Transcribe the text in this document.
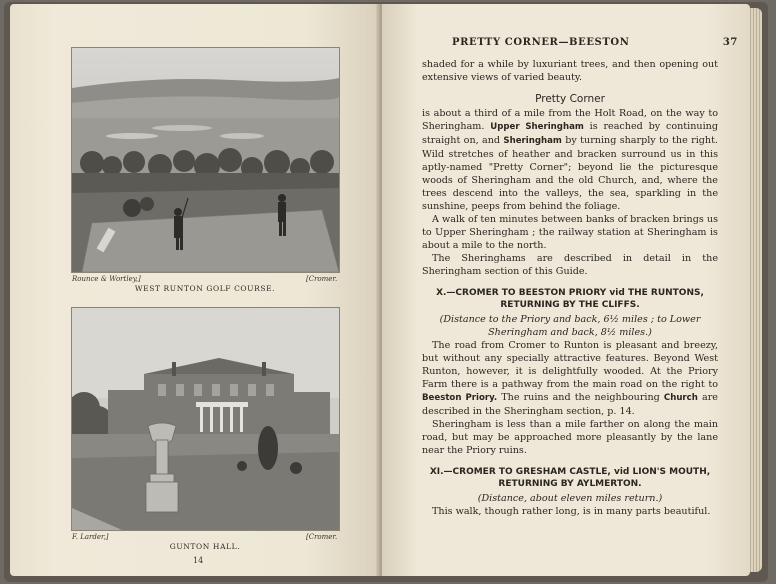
Rounce & Wortley,]	[Cromer.
WEST RUNTON GOLF COURSE.
F. Larder,]	[Cromer.
GUNTON HALL.
14
PRETTY CORNER—BEESTON	37

shaded for a while by luxuriant trees, and then opening out extensive views of varied beauty.

Pretty Corner

is about a third of a mile from the Holt Road, on the way to Sheringham. Upper Sheringham is reached by continuing straight on, and Sheringham by turning sharply to the right. Wild stretches of heather and bracken surround us in this aptly-named "Pretty Corner"; beyond lie the picturesque woods of Sheringham and the old Church, and, where the trees descend into the valleys, the sea, sparkling in the sunshine, peeps from behind the foliage.

A walk of ten minutes between banks of bracken brings us to Upper Sheringham ; the railway station at Sheringham is about a mile to the north.

The Sheringhams are described in detail in the Sheringham section of this Guide.

X.—CROMER TO BEESTON PRIORY vid THE RUNTONS, RETURNING BY THE CLIFFS.

(Distance to the Priory and back, 6½ miles ; to Lower Sheringham and back, 8½ miles.)

The road from Cromer to Runton is pleasant and breezy, but without any specially attractive features. Beyond West Runton, however, it is delightfully wooded. At the Priory Farm there is a pathway from the main road on the right to Beeston Priory. The ruins and the neighbouring Church are described in the Sheringham section, p. 14.

Sheringham is less than a mile farther on along the main road, but may be approached more pleasantly by the lane near the Priory ruins.

XI.—CROMER TO GRESHAM CASTLE, vid LION'S MOUTH, RETURNING BY AYLMERTON.

(Distance, about eleven miles return.)

This walk, though rather long, is in many parts beautiful.
